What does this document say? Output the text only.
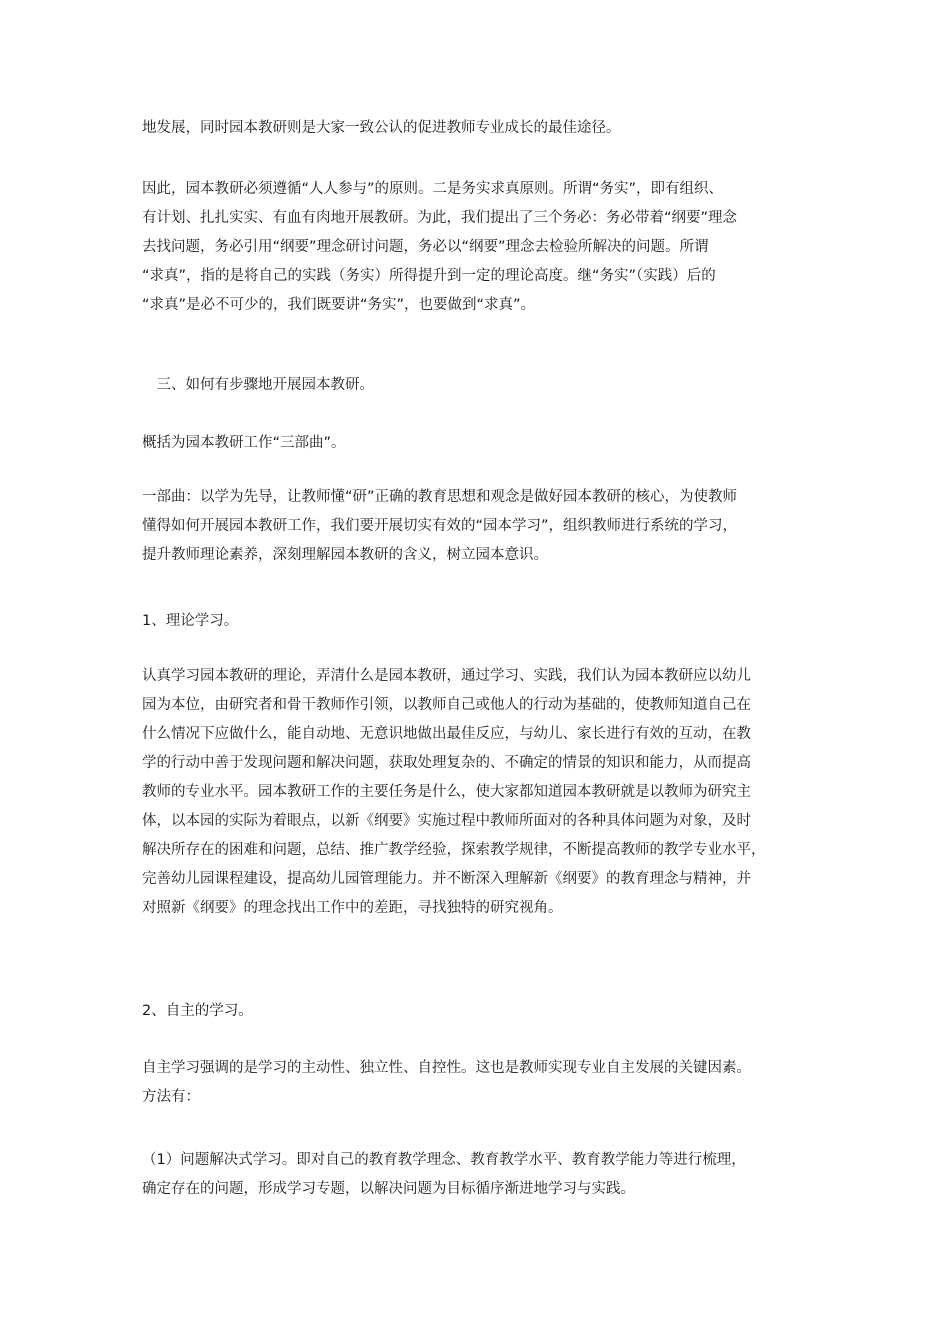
地发展，同时园本教研则是大家一致公认的促进教师专业成长的最佳途径。
因此，园本教研必须遵循“人人参与”的原则。二是务实求真原则。所谓“务实”，即有组织、
有计划、扎扎实实、有血有肉地开展教研。为此，我们提出了三个务必：务必带着“纲要”理念
去找问题，务必引用“纲要”理念研讨问题，务必以“纲要”理念去检验所解决的问题。所谓
“求真”，指的是将自己的实践（务实）所得提升到一定的理论高度。继“务实”（实践）后的
“求真”是必不可少的，我们既要讲“务实”，也要做到“求真”。
　三、如何有步骤地开展园本教研。
概括为园本教研工作“三部曲”。
一部曲：以学为先导，让教师懂“研”正确的教育思想和观念是做好园本教研的核心，为使教师
懂得如何开展园本教研工作，我们要开展切实有效的“园本学习”，组织教师进行系统的学习，
提升教师理论素养，深刻理解园本教研的含义，树立园本意识。
1、理论学习。
认真学习园本教研的理论，弄清什么是园本教研，通过学习、实践，我们认为园本教研应以幼儿
园为本位，由研究者和骨干教师作引领，以教师自己或他人的行动为基础的，使教师知道自己在
什么情况下应做什么，能自动地、无意识地做出最佳反应，与幼儿、家长进行有效的互动，在教
学的行动中善于发现问题和解决问题，获取处理复杂的、不确定的情景的知识和能力，从而提高
教师的专业水平。园本教研工作的主要任务是什么，使大家都知道园本教研就是以教师为研究主
体，以本园的实际为着眼点，以新《纲要》实施过程中教师所面对的各种具体问题为对象，及时
解决所存在的困难和问题，总结、推广教学经验，探索教学规律，不断提高教师的教学专业水平，
完善幼儿园课程建设，提高幼儿园管理能力。并不断深入理解新《纲要》的教育理念与精神，并
对照新《纲要》的理念找出工作中的差距，寻找独特的研究视角。
2、自主的学习。
自主学习强调的是学习的主动性、独立性、自控性。这也是教师实现专业自主发展的关键因素。
方法有：
（1）问题解决式学习。即对自己的教育教学理念、教育教学水平、教育教学能力等进行梳理，
确定存在的问题，形成学习专题，以解决问题为目标循序渐进地学习与实践。
